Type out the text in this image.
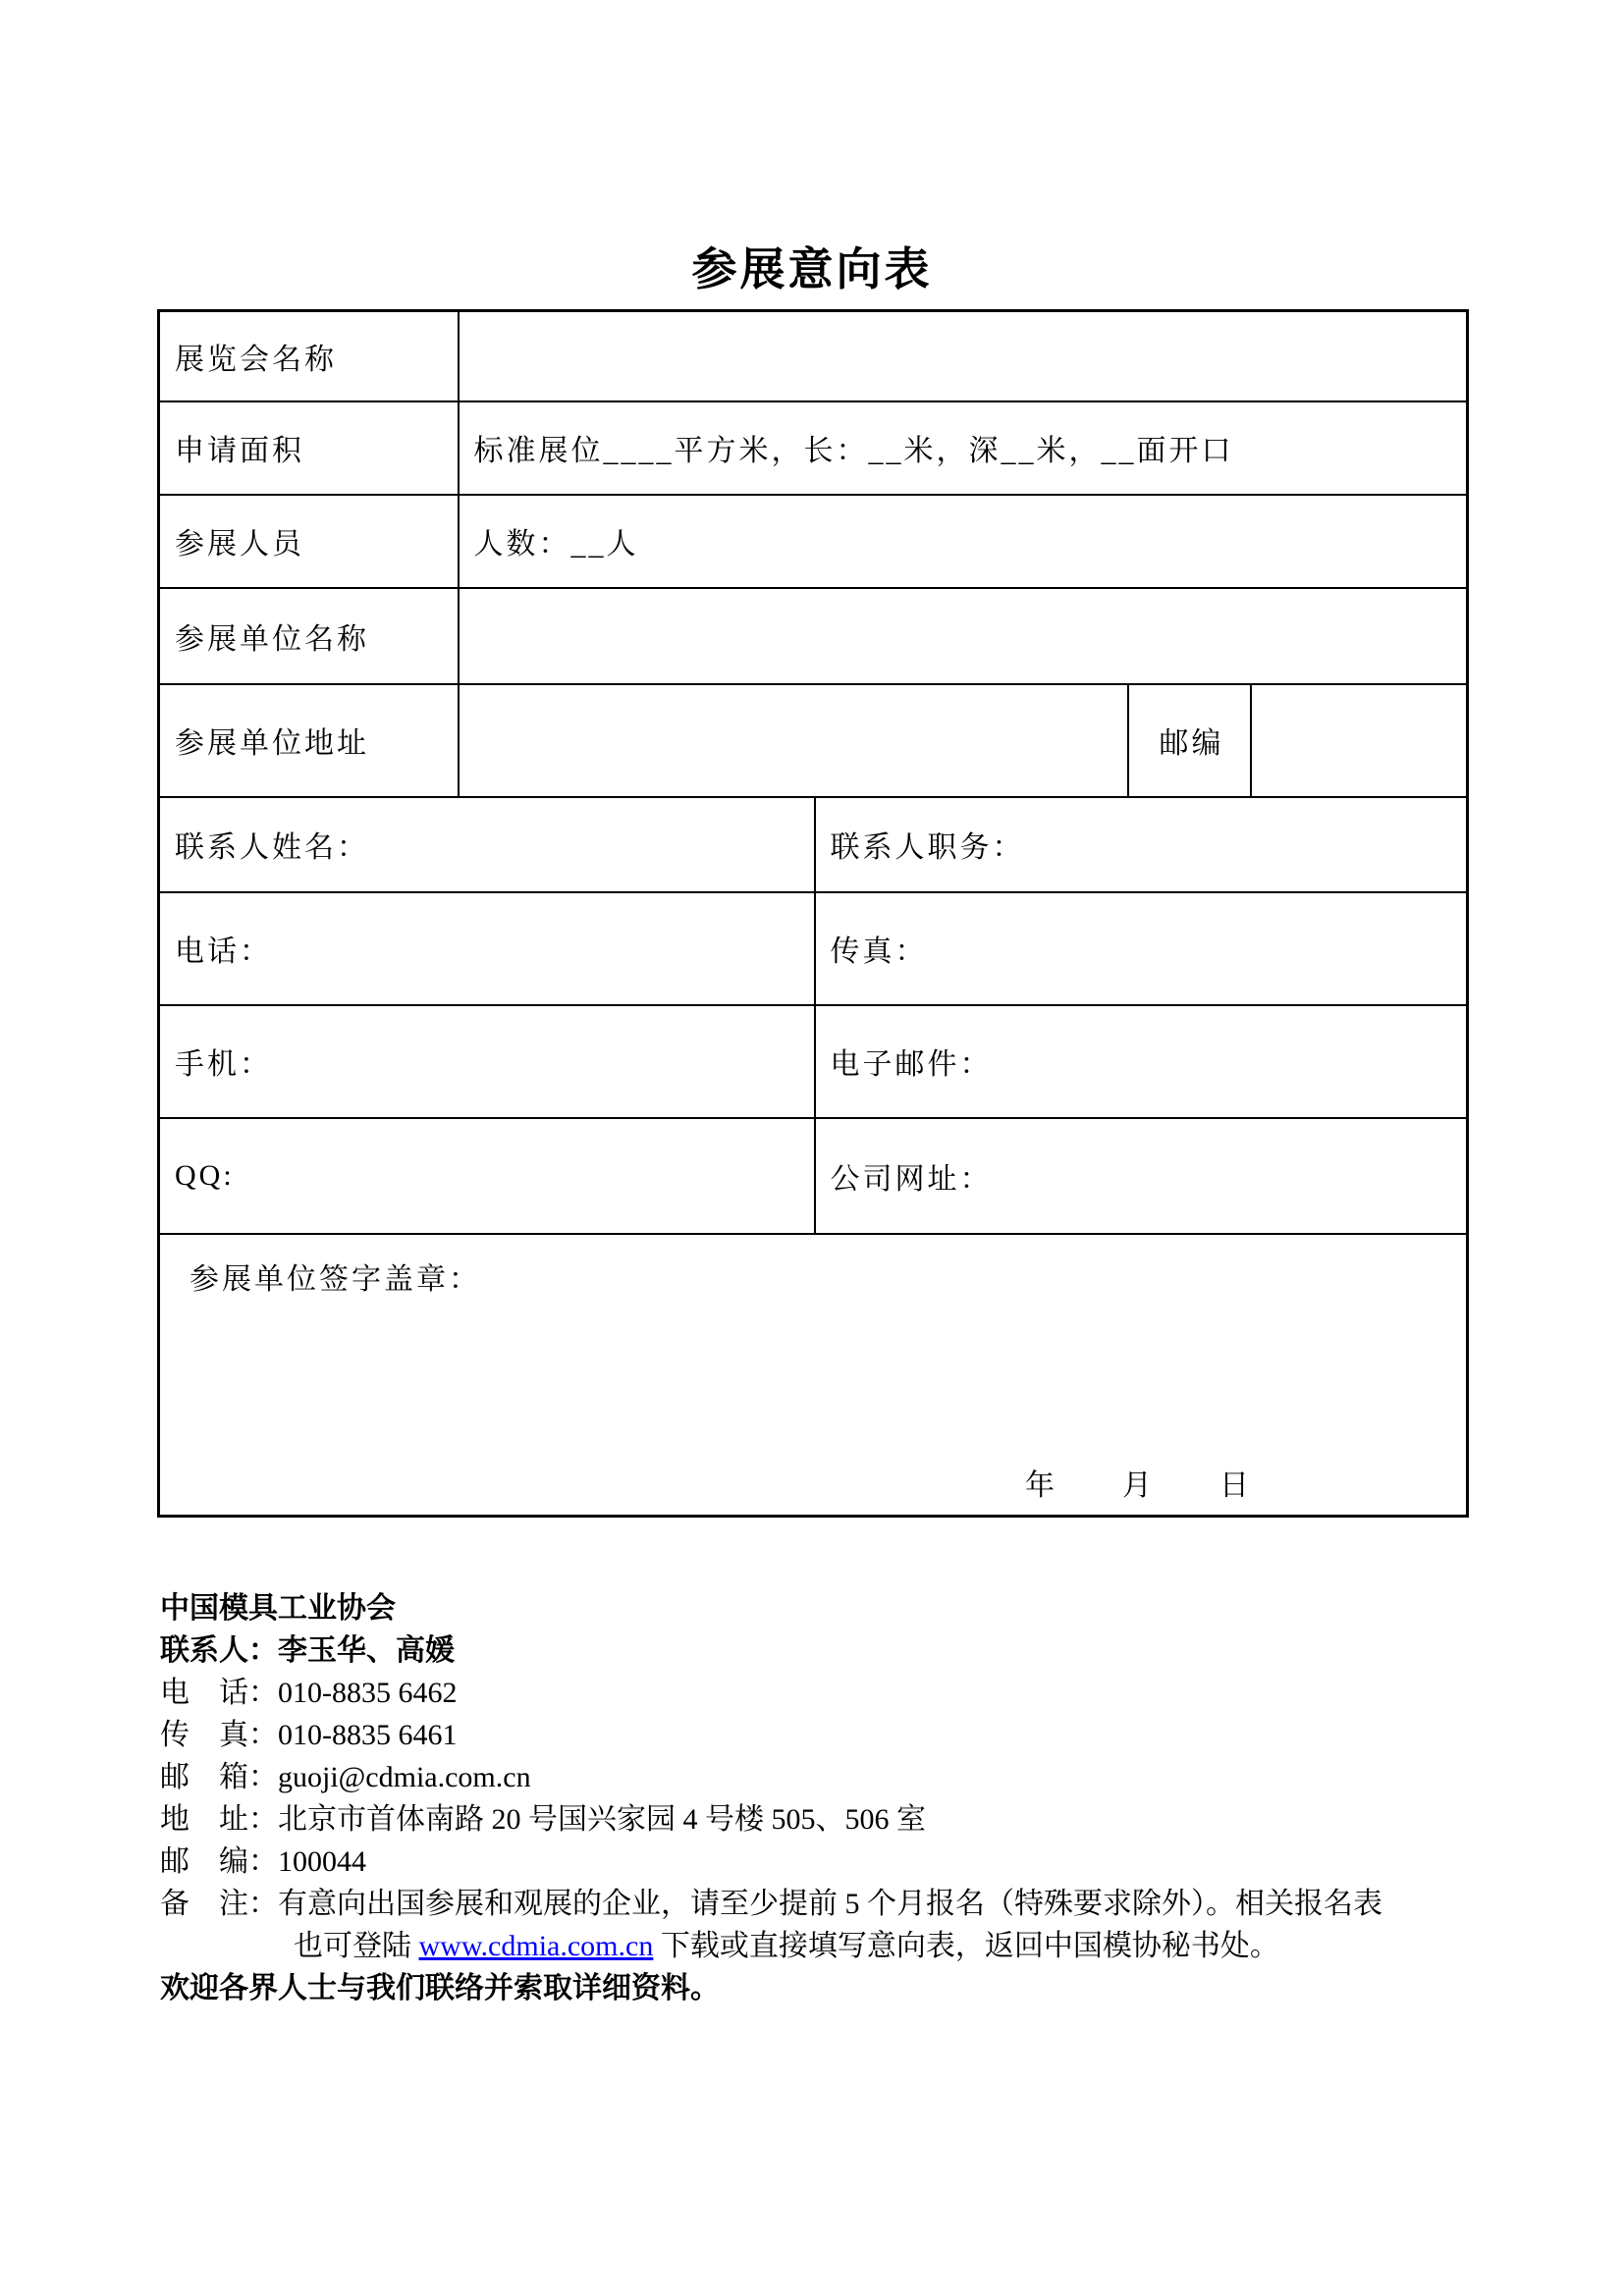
参展意向表
展览会名称				
申请面积	标准展位____平方米，长：__米，深__米，__面开口			
参展人员	人数：__人			
参展单位名称				
参展单位地址			邮编	
联系人姓名：		联系人职务：		
电话：		传真：		
手机：		电子邮件：		
QQ:		公司网址：		

参展单位签字盖章：
年　　月　　日				
中国模具工业协会
联系人：李玉华、高媛
电　话：010-8835 6462
传　真：010-8835 6461
邮　箱：guoji@cdmia.com.cn
地　址：北京市首体南路 20 号国兴家园 4 号楼 505、506 室
邮　编：100044
备　注：有意向出国参展和观展的企业，请至少提前 5 个月报名（特殊要求除外）。相关报名表
也可登陆 www.cdmia.com.cn 下载或直接填写意向表，返回中国模协秘书处。
欢迎各界人士与我们联络并索取详细资料。
